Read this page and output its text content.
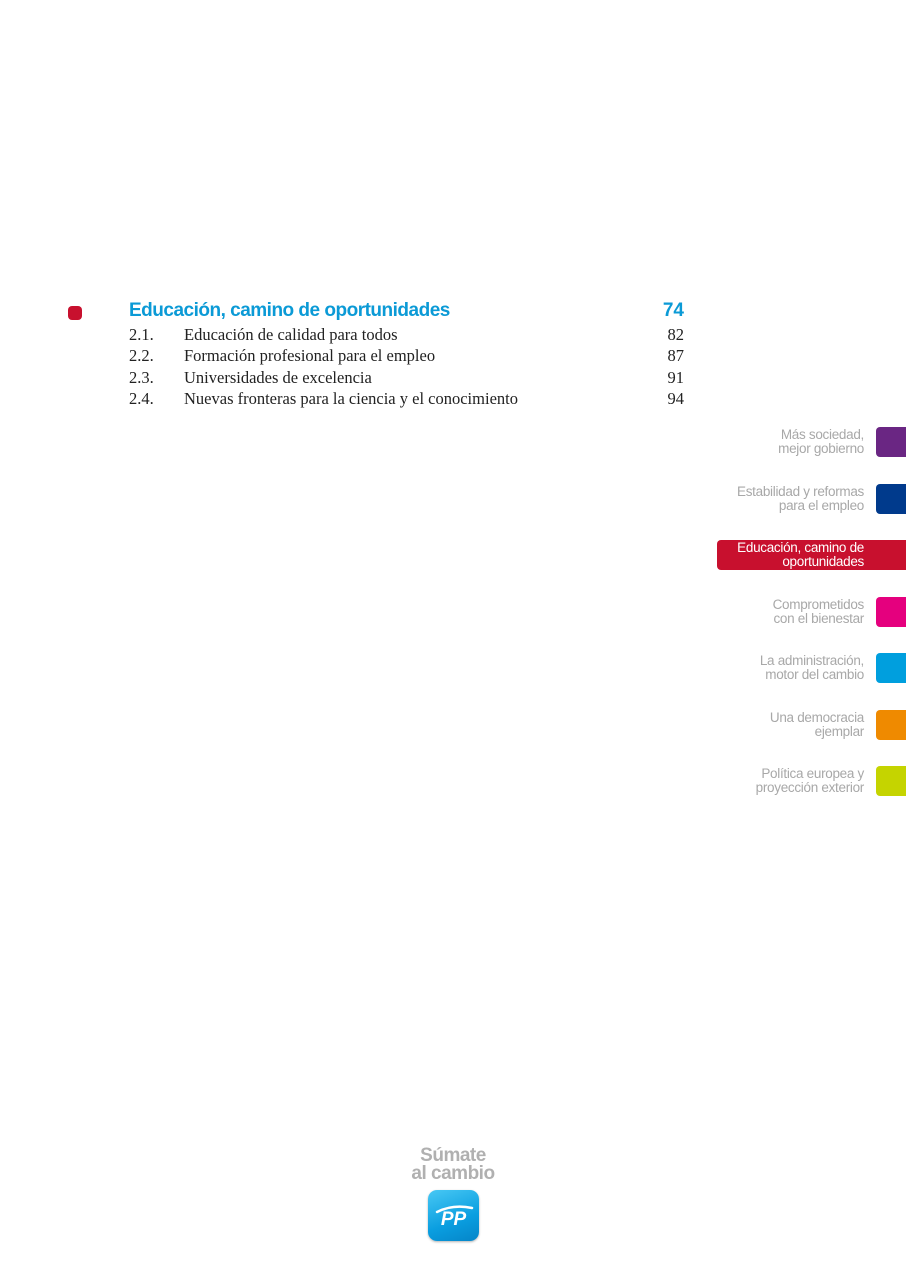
Educación, camino de oportunidades	74
2.1. Educación de calidad para todos	82
2.2. Formación profesional para el empleo	87
2.3. Universidades de excelencia	91
2.4. Nuevas fronteras para la ciencia y el conocimiento	94
Más sociedad,
mejor gobierno
Estabilidad y reformas
para el empleo
Educación, camino de
oportunidades
Comprometidos
con el bienestar
La administración,
motor del cambio
Una democracia
ejemplar
Política europea y
proyección exterior
Súmate
al cambio
PP
